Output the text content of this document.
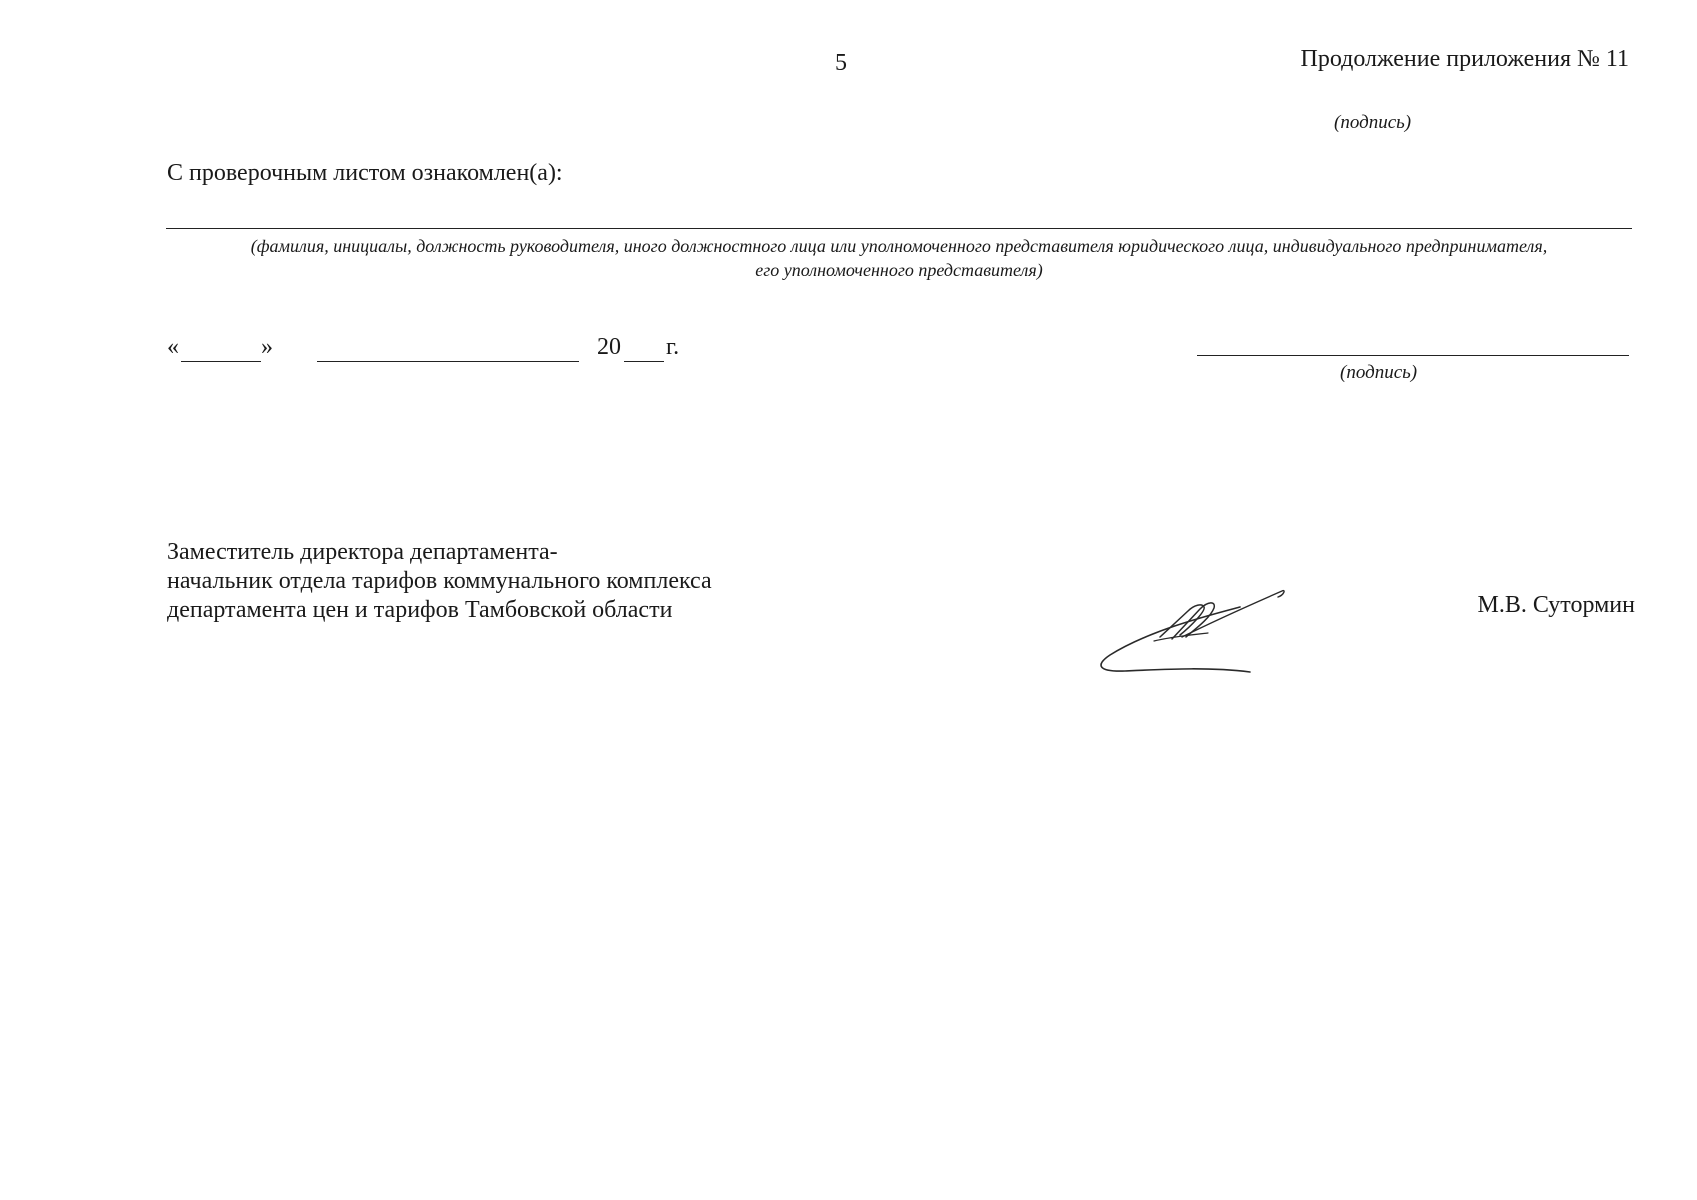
5	Продолжение приложения № 11
(подпись)
С проверочным листом ознакомлен(а):
(фамилия, инициалы, должность руководителя, иного должностного лица или уполномоченного представителя юридического лица, индивидуального предпринимателя,
его уполномоченного представителя)
«	»	20 г.
(подпись)
Заместитель директора департамента-
начальник отдела тарифов коммунального комплекса
департамента цен и тарифов Тамбовской области	М.В. Сутормин
